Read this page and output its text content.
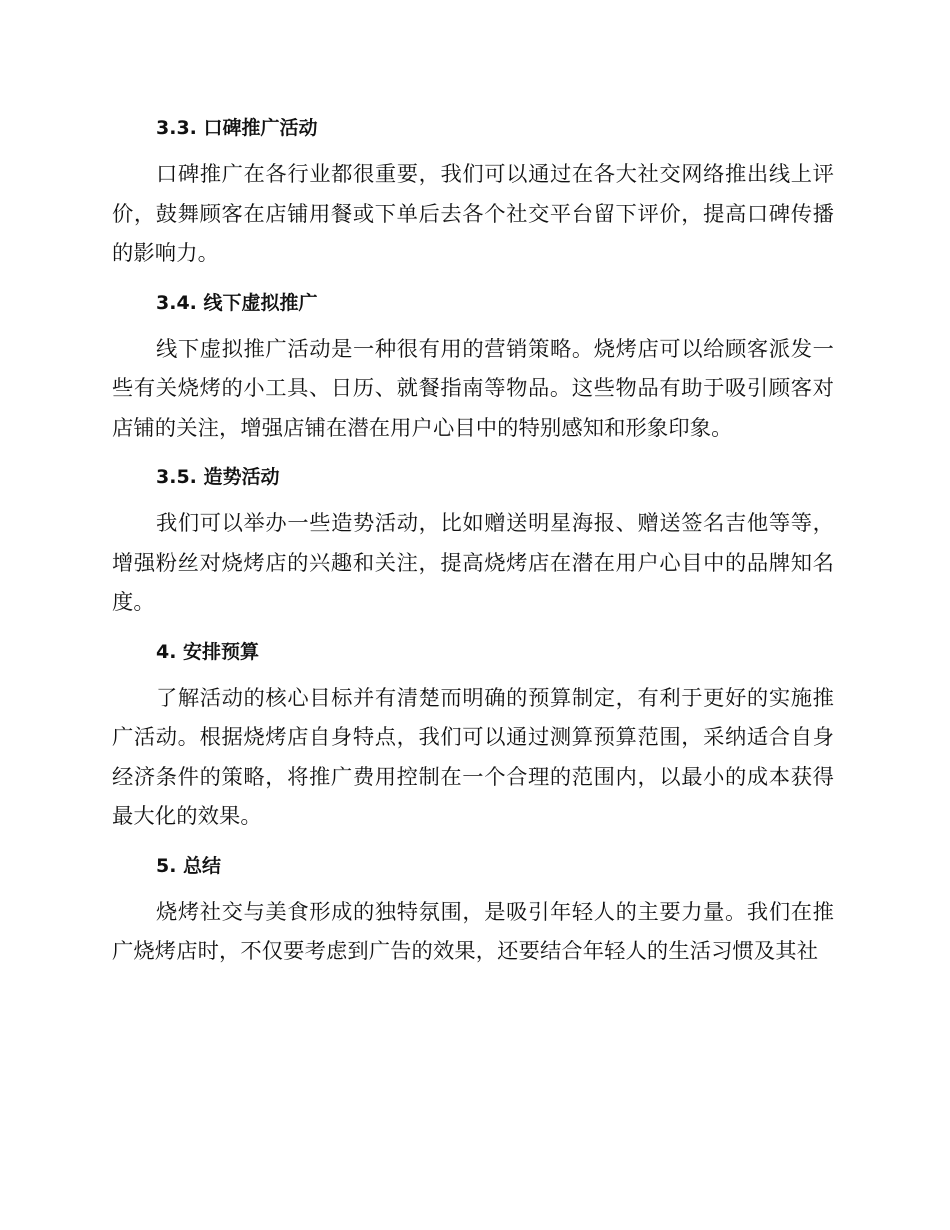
3.3. 口碑推广活动
口碑推广在各行业都很重要，我们可以通过在各大社交网络推出线上评价，鼓舞顾客在店铺用餐或下单后去各个社交平台留下评价，提高口碑传播的影响力。
3.4. 线下虚拟推广
线下虚拟推广活动是一种很有用的营销策略。烧烤店可以给顾客派发一些有关烧烤的小工具、日历、就餐指南等物品。这些物品有助于吸引顾客对店铺的关注，增强店铺在潜在用户心目中的特别感知和形象印象。
3.5. 造势活动
我们可以举办一些造势活动，比如赠送明星海报、赠送签名吉他等等，增强粉丝对烧烤店的兴趣和关注，提高烧烤店在潜在用户心目中的品牌知名度。
4. 安排预算
了解活动的核心目标并有清楚而明确的预算制定，有利于更好的实施推广活动。根据烧烤店自身特点，我们可以通过测算预算范围，采纳适合自身经济条件的策略，将推广费用控制在一个合理的范围内，以最小的成本获得最大化的效果。
5. 总结
烧烤社交与美食形成的独特氛围，是吸引年轻人的主要力量。我们在推广烧烤店时，不仅要考虑到广告的效果，还要结合年轻人的生活习惯及其社
